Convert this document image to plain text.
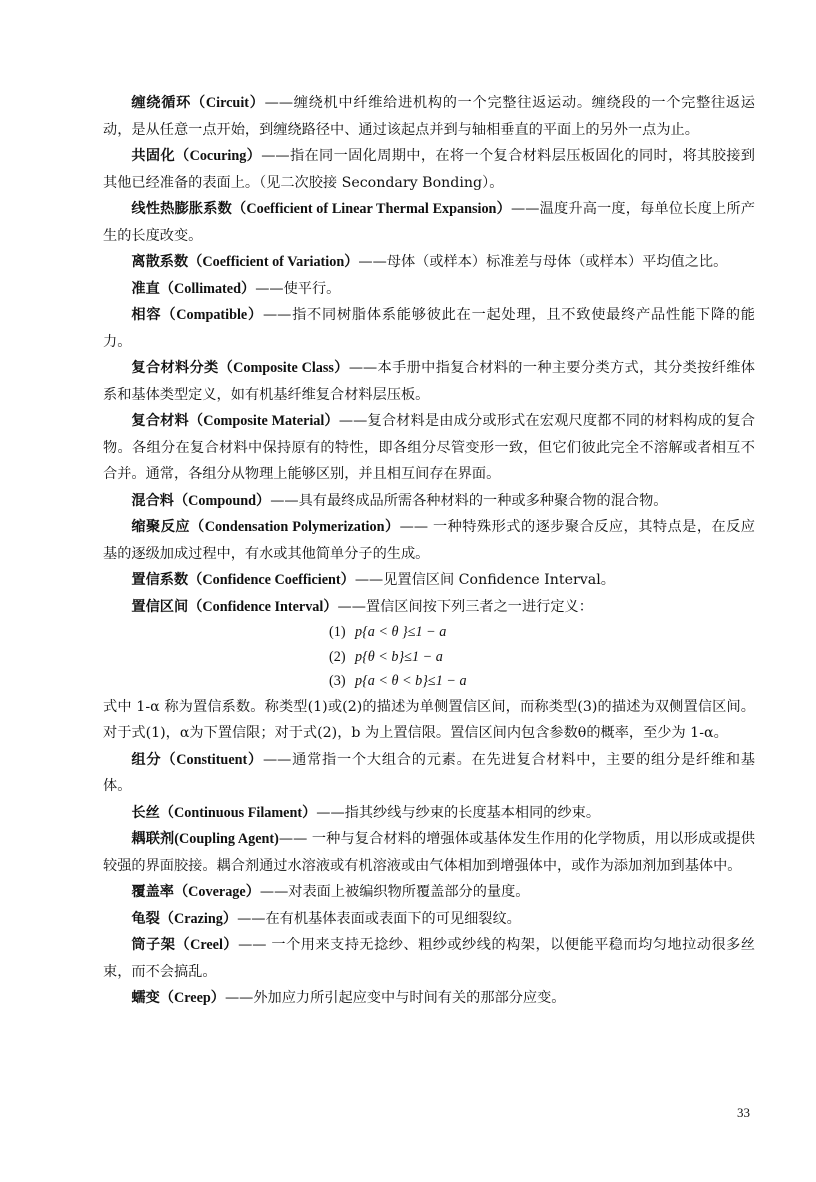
缠绕循环（Circuit）——缠绕机中纤维给进机构的一个完整往返运动。缠绕段的一个完整往返运动，是从任意一点开始，到缠绕路径中、通过该起点并到与轴相垂直的平面上的另外一点为止。

共固化（Cocuring）——指在同一固化周期中，在将一个复合材料层压板固化的同时，将其胶接到其他已经准备的表面上。（见二次胶接 Secondary Bonding）。

线性热膨胀系数（Coefficient of Linear Thermal Expansion）——温度升高一度，每单位长度上所产生的长度改变。

离散系数（Coefficient of Variation）——母体（或样本）标准差与母体（或样本）平均值之比。

准直（Collimated）——使平行。

相容（Compatible）——指不同树脂体系能够彼此在一起处理，且不致使最终产品性能下降的能力。

复合材料分类（Composite Class）——本手册中指复合材料的一种主要分类方式，其分类按纤维体系和基体类型定义，如有机基纤维复合材料层压板。

复合材料（Composite Material）——复合材料是由成分或形式在宏观尺度都不同的材料构成的复合物。各组分在复合材料中保持原有的特性，即各组分尽管变形一致，但它们彼此完全不溶解或者相互不合并。通常，各组分从物理上能够区别，并且相互间存在界面。

混合料（Compound）——具有最终成品所需各种材料的一种或多种聚合物的混合物。

缩聚反应（Condensation Polymerization）—— 一种特殊形式的逐步聚合反应，其特点是，在反应基的逐级加成过程中，有水或其他简单分子的生成。

置信系数（Confidence Coefficient）——见置信区间 Confidence Interval。

置信区间（Confidence Interval）——置信区间按下列三者之一进行定义：

(1) p{a < θ }≤1 − a
(2) p{θ < b}≤1 − a
(3) p{a < θ < b}≤1 − a

式中 1-α 称为置信系数。称类型(1)或(2)的描述为单侧置信区间，而称类型(3)的描述为双侧置信区间。对于式(1)，α为下置信限；对于式(2)，b 为上置信限。置信区间内包含参数θ的概率，至少为 1-α。

组分（Constituent）——通常指一个大组合的元素。在先进复合材料中，主要的组分是纤维和基体。

长丝（Continuous Filament）——指其纱线与纱束的长度基本相同的纱束。

耦联剂(Coupling Agent)—— 一种与复合材料的增强体或基体发生作用的化学物质，用以形成或提供较强的界面胶接。耦合剂通过水溶液或有机溶液或由气体相加到增强体中，或作为添加剂加到基体中。

覆盖率（Coverage）——对表面上被编织物所覆盖部分的量度。

龟裂（Crazing）——在有机基体表面或表面下的可见细裂纹。

筒子架（Creel）—— 一个用来支持无捻纱、粗纱或纱线的构架，以便能平稳而均匀地拉动很多丝束，而不会搞乱。

蠕变（Creep）——外加应力所引起应变中与时间有关的那部分应变。

33
